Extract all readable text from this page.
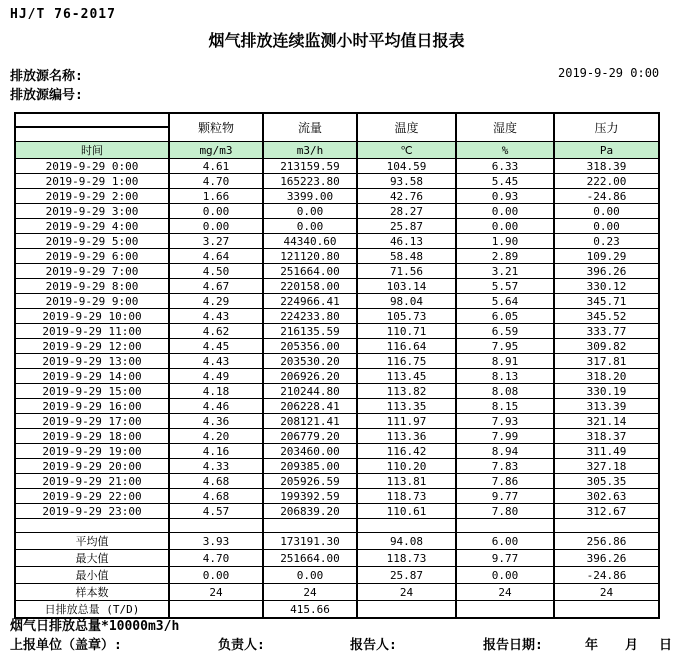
HJ/T 76-2017
烟气排放连续监测小时平均值日报表
排放源名称:
排放源编号:
2019-9-29 0:00
	颗粒物	流量	温度	湿度	压力
时间	mg/m3	m3/h	℃	%	Pa
2019-9-29 0:00	4.61	213159.59	104.59	6.33	318.39
2019-9-29 1:00	4.70	165223.80	93.58	5.45	222.00
2019-9-29 2:00	1.66	3399.00	42.76	0.93	-24.86
2019-9-29 3:00	0.00	0.00	28.27	0.00	0.00
2019-9-29 4:00	0.00	0.00	25.87	0.00	0.00
2019-9-29 5:00	3.27	44340.60	46.13	1.90	0.23
2019-9-29 6:00	4.64	121120.80	58.48	2.89	109.29
2019-9-29 7:00	4.50	251664.00	71.56	3.21	396.26
2019-9-29 8:00	4.67	220158.00	103.14	5.57	330.12
2019-9-29 9:00	4.29	224966.41	98.04	5.64	345.71
2019-9-29 10:00	4.43	224233.80	105.73	6.05	345.52
2019-9-29 11:00	4.62	216135.59	110.71	6.59	333.77
2019-9-29 12:00	4.45	205356.00	116.64	7.95	309.82
2019-9-29 13:00	4.43	203530.20	116.75	8.91	317.81
2019-9-29 14:00	4.49	206926.20	113.45	8.13	318.20
2019-9-29 15:00	4.18	210244.80	113.82	8.08	330.19
2019-9-29 16:00	4.46	206228.41	113.35	8.15	313.39
2019-9-29 17:00	4.36	208121.41	111.97	7.93	321.14
2019-9-29 18:00	4.20	206779.20	113.36	7.99	318.37
2019-9-29 19:00	4.16	203460.00	116.42	8.94	311.49
2019-9-29 20:00	4.33	209385.00	110.20	7.83	327.18
2019-9-29 21:00	4.68	205926.59	113.81	7.86	305.35
2019-9-29 22:00	4.68	199392.59	118.73	9.77	302.63
2019-9-29 23:00	4.57	206839.20	110.61	7.80	312.67

平均值	3.93	173191.30	94.08	6.00	256.86
最大值	4.70	251664.00	118.73	9.77	396.26
最小值	0.00	0.00	25.87	0.00	-24.86
样本数	24	24	24	24	24
日排放总量 (T/D)		415.66			
烟气日排放总量*10000m3/h
上报单位（盖章）:	负责人:	报告人:	报告日期:	年 月 日
